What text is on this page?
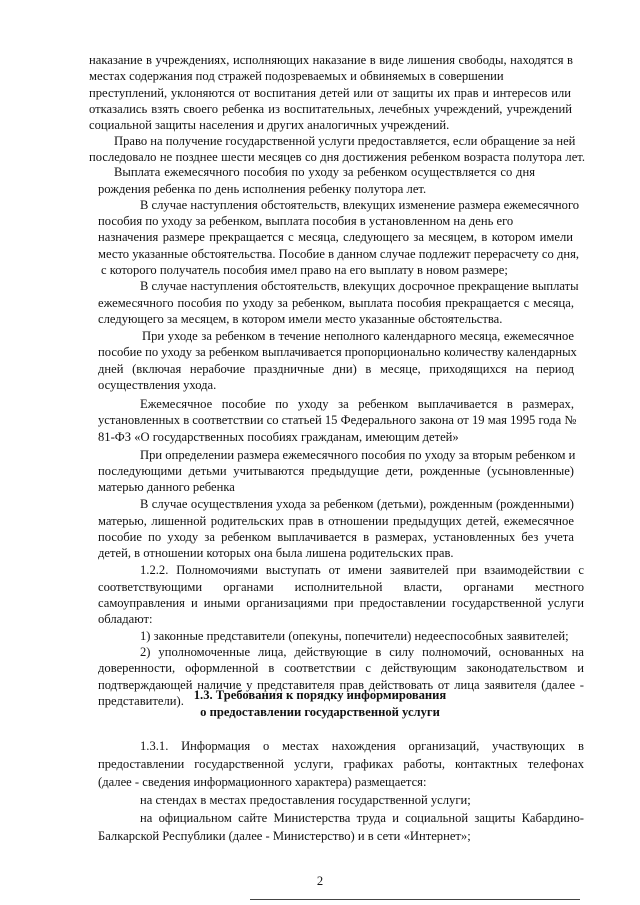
наказание в учреждениях, исполняющих наказание в виде лишения свободы, находятся в
местах содержания под стражей подозреваемых и обвиняемых в совершении
преступлений, уклоняются от воспитания детей или от защиты их прав и интересов или
отказались взять своего ребенка из воспитательных, лечебных учреждений, учреждений
социальной защиты населения и других аналогичных учреждений.
Право на получение государственной услуги предоставляется, если обращение за ней
последовало не позднее шести месяцев со дня достижения ребенком возраста полутора лет.
Выплата ежемесячного пособия по уходу за ребенком осуществляется со дня
рождения ребенка по день исполнения ребенку полутора лет.
В случае наступления обстоятельств, влекущих изменение размера ежемесячного
пособия по уходу за ребенком, выплата пособия в установленном на день его
назначения размере прекращается с месяца, следующего за месяцем, в котором имели
место указанные обстоятельства. Пособие в данном случае подлежит перерасчету со дня,
с которого получатель пособия имел право на его выплату в новом размере;
В случае наступления обстоятельств, влекущих досрочное прекращение выплаты
ежемесячного пособия по уходу за ребенком, выплата пособия прекращается с месяца,
следующего за месяцем, в котором имели место указанные обстоятельства.
При уходе за ребенком в течение неполного календарного месяца, ежемесячное
пособие по уходу за ребенком выплачивается пропорционально количеству календарных
дней (включая нерабочие праздничные дни) в месяце, приходящихся на период
осуществления ухода.
Ежемесячное пособие по уходу за ребенком выплачивается в размерах,
установленных в соответствии со статьей 15 Федерального закона от 19 мая 1995 года №
81-ФЗ «О государственных пособиях гражданам, имеющим детей»
При определении размера ежемесячного пособия по уходу за вторым ребенком и
последующими детьми учитываются предыдущие дети, рожденные (усыновленные)
матерью данного ребенка
В случае осуществления ухода за ребенком (детьми), рожденным (рожденными)
матерью, лишенной родительских прав в отношении предыдущих детей, ежемесячное
пособие по уходу за ребенком выплачивается в размерах, установленных без учета
детей, в отношении которых она была лишена родительских прав.
1.2.2. Полномочиями выступать от имени заявителей при взаимодействии с
соответствующими органами исполнительной власти, органами местного
самоуправления и иными организациями при предоставлении государственной услуги
обладают:
1) законные представители (опекуны, попечители) недееспособных заявителей;
2) уполномоченные лица, действующие в силу полномочий, основанных на
доверенности, оформленной в соответствии с действующим законодательством и
подтверждающей наличие у представителя прав действовать от лица заявителя (далее -
представители). 1.3. Требования к порядку информирования
о предоставлении государственной услуги
1.3.1. Информация о местах нахождения организаций, участвующих в
предоставлении государственной услуги, графиках работы, контактных телефонах
(далее - сведения информационного характера) размещается:
на стендах в местах предоставления государственной услуги;
на официальном сайте Министерства труда и социальной защиты Кабардино-
Балкарской Республики (далее - Министерство) и в сети «Интернет»;
2
